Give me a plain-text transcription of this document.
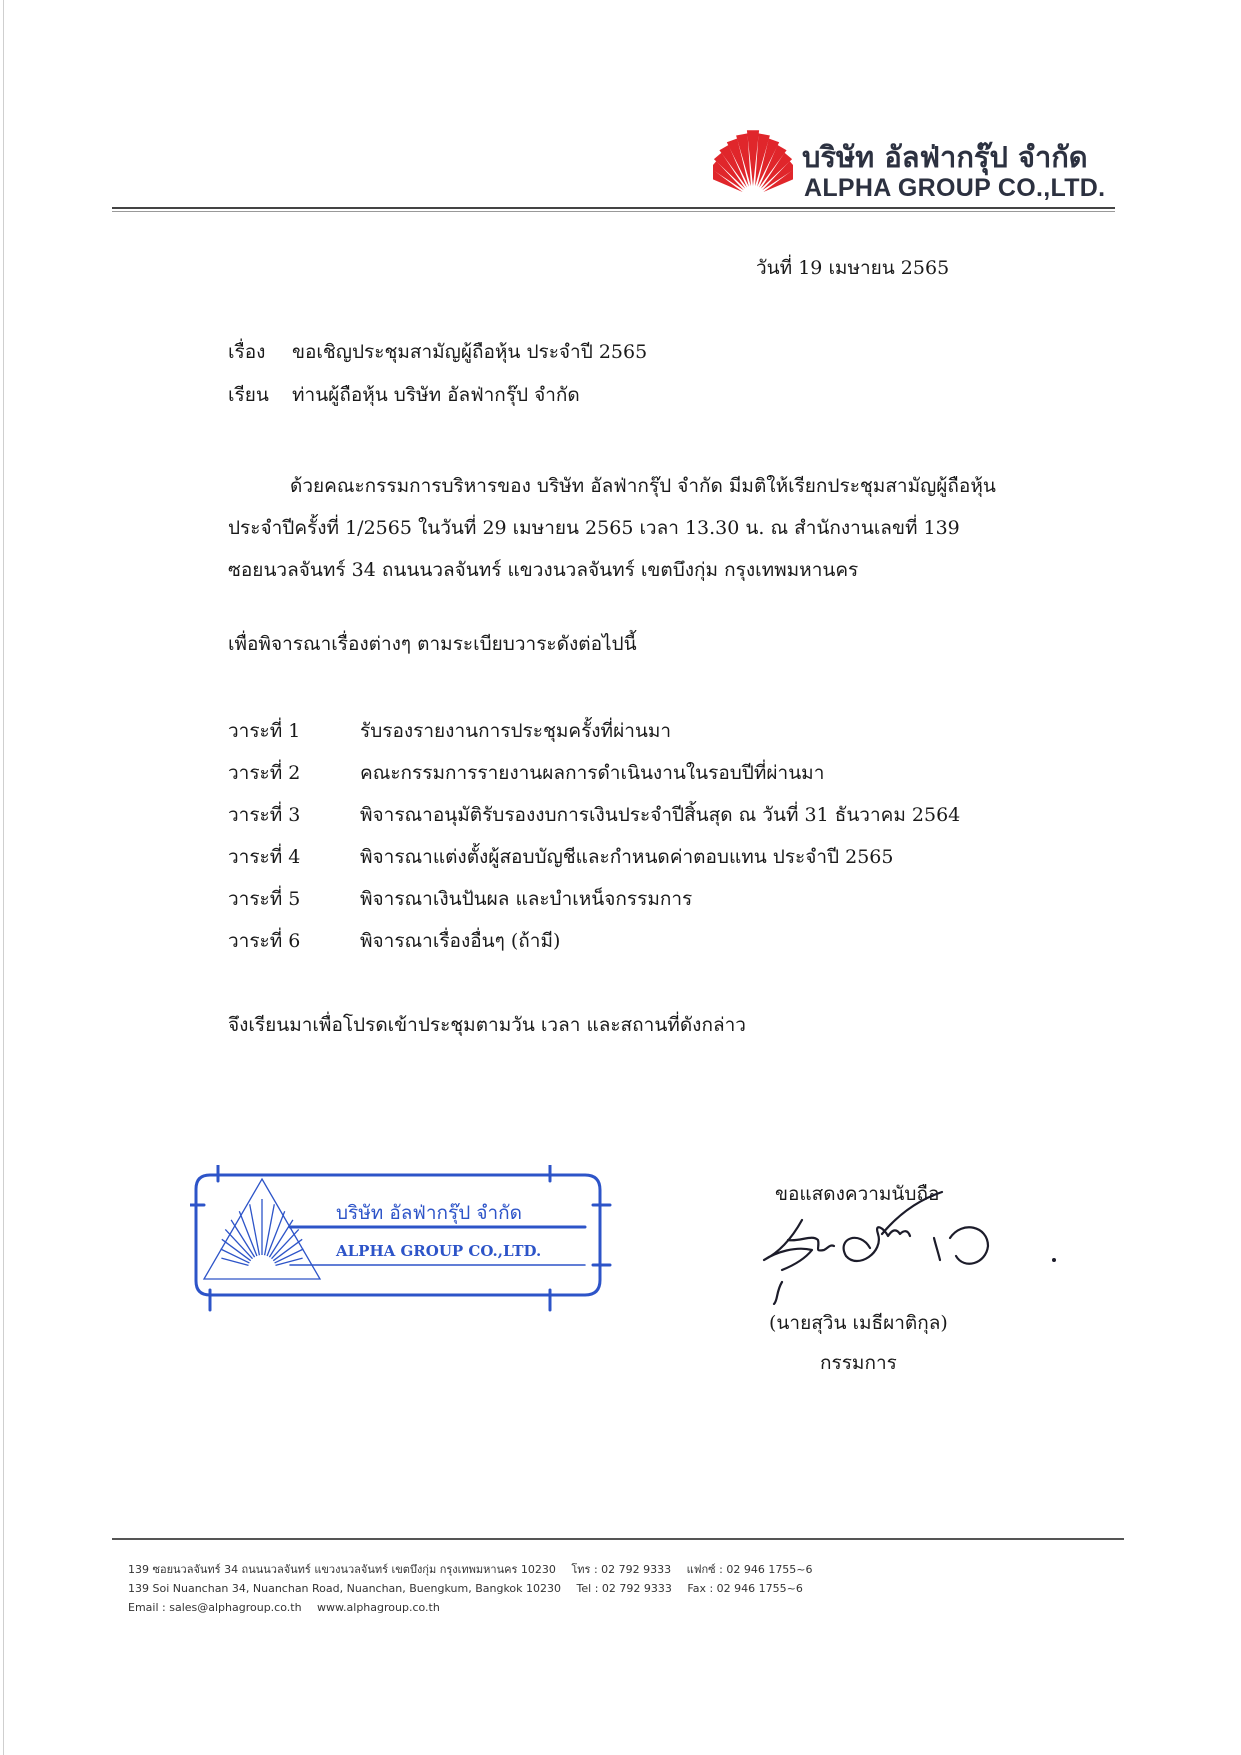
บริษัท อัลฟ่ากรุ๊ป จำกัด
ALPHA GROUP CO.,LTD.
วันที่ 19 เมษายน 2565
เรื่อง ขอเชิญประชุมสามัญผู้ถือหุ้น ประจำปี 2565
เรียน ท่านผู้ถือหุ้น บริษัท อัลฟ่ากรุ๊ป จำกัด
ด้วยคณะกรรมการบริหารของ บริษัท อัลฟ่ากรุ๊ป จำกัด มีมติให้เรียกประชุมสามัญผู้ถือหุ้น
ประจำปีครั้งที่ 1/2565 ในวันที่ 29 เมษายน 2565 เวลา 13.30 น. ณ สำนักงานเลขที่ 139
ซอยนวลจันทร์ 34 ถนนนวลจันทร์ แขวงนวลจันทร์ เขตบึงกุ่ม กรุงเทพมหานคร
เพื่อพิจารณาเรื่องต่างๆ ตามระเบียบวาระดังต่อไปนี้
วาระที่ 1	รับรองรายงานการประชุมครั้งที่ผ่านมา
วาระที่ 2	คณะกรรมการรายงานผลการดำเนินงานในรอบปีที่ผ่านมา
วาระที่ 3	พิจารณาอนุมัติรับรองงบการเงินประจำปีสิ้นสุด ณ วันที่ 31 ธันวาคม 2564
วาระที่ 4	พิจารณาแต่งตั้งผู้สอบบัญชีและกำหนดค่าตอบแทน ประจำปี 2565
วาระที่ 5	พิจารณาเงินปันผล และบำเหน็จกรรมการ
วาระที่ 6	พิจารณาเรื่องอื่นๆ (ถ้ามี)
จึงเรียนมาเพื่อโปรดเข้าประชุมตามวัน เวลา และสถานที่ดังกล่าว
บริษัท อัลฟ่ากรุ๊ป จำกัด
ALPHA GROUP CO.,LTD.
ขอแสดงความนับถือ
(นายสุวิน เมธีผาติกุล)
กรรมการ
139 ซอยนวลจันทร์ 34 ถนนนวลจันทร์ แขวงนวลจันทร์ เขตบึงกุ่ม กรุงเทพมหานคร 10230 โทร : 02 792 9333 แฟกซ์ : 02 946 1755~6
139 Soi Nuanchan 34, Nuanchan Road, Nuanchan, Buengkum, Bangkok 10230 Tel : 02 792 9333 Fax : 02 946 1755~6
Email : sales@alphagroup.co.th www.alphagroup.co.th
